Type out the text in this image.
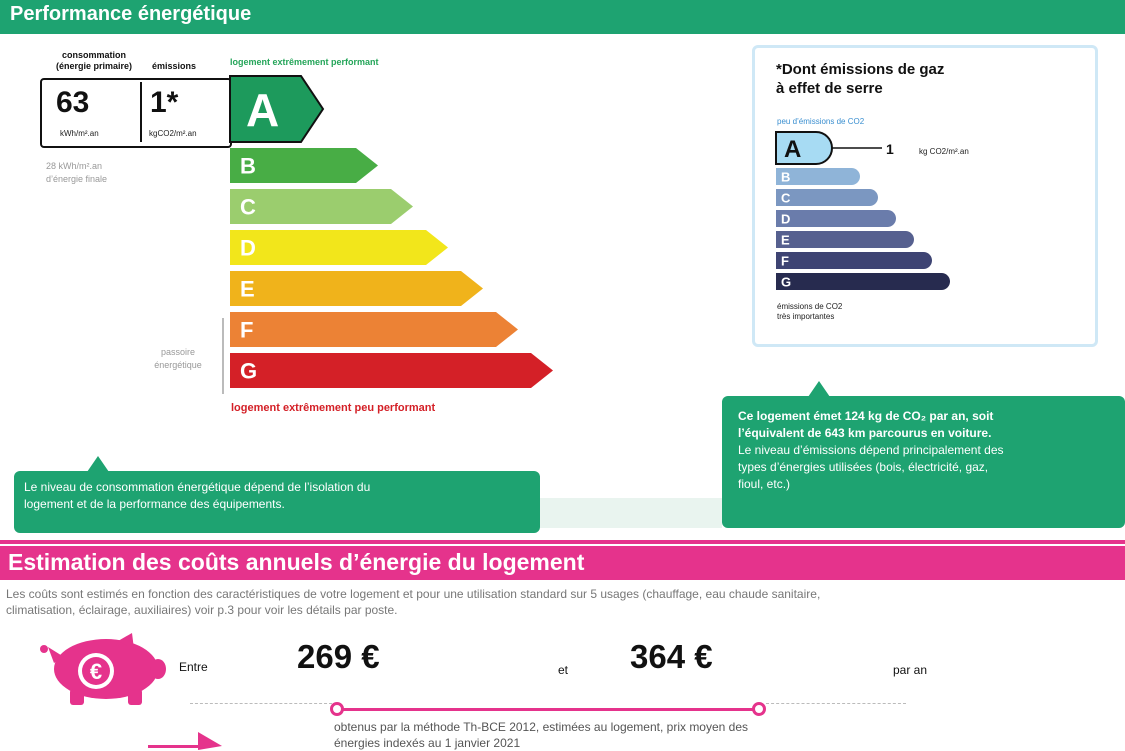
Performance énergétique
consommation
(énergie primaire)	émissions	logement extrêmement performant
63
kWh/m².an
1*
kgCO2/m².an
28 kWh/m².an
d’énergie finale
passoire
énergétique
A
B
C
D
E
F
G
logement extrêmement peu performant
*Dont émissions de gaz
à effet de serre
peu d’émissions de CO2
A
B
C
D
E
F
G
1	kg CO2/m².an
émissions de CO2
très importantes
Le niveau de consommation énergétique dépend de l’isolation du
logement et de la performance des équipements.
Ce logement émet 124 kg de CO₂ par an, soit
l’équivalent de 643 km parcourus en voiture.
Le niveau d’émissions dépend principalement des
types d’énergies utilisées (bois, électricité, gaz,
fioul, etc.)
Estimation des coûts annuels d’énergie du logement
Les coûts sont estimés en fonction des caractéristiques de votre logement et pour une utilisation standard sur 5 usages (chauffage, eau chaude sanitaire,
climatisation, éclairage, auxiliaires) voir p.3 pour voir les détails par poste.
€	Entre	269 €	et 364 €	par an
obtenus par la méthode Th-BCE 2012, estimées au logement, prix moyen des
énergies indexés au 1 janvier 2021
